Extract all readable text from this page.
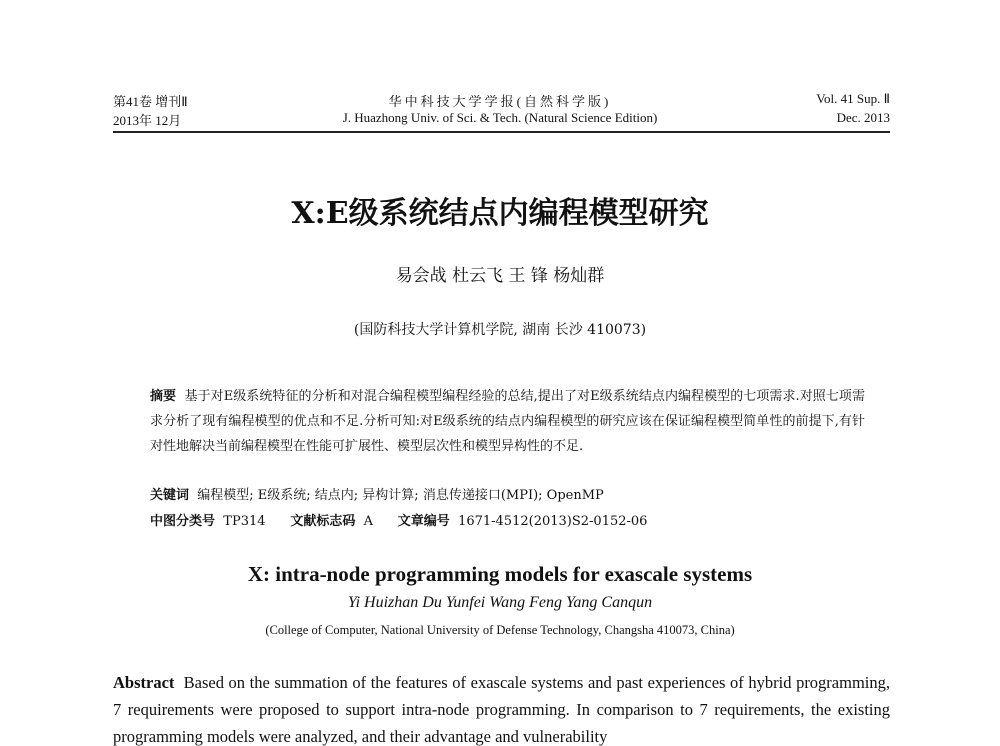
第41卷 增刊Ⅱ
2013年 12月
华中科技大学学报(自然科学版)
J. Huazhong Univ. of Sci. & Tech. (Natural Science Edition)
Vol. 41 Sup. Ⅱ
Dec. 2013
X:E级系统结点内编程模型研究
易会战 杜云飞 王 锋 杨灿群
(国防科技大学计算机学院, 湖南 长沙 410073)
摘要 基于对E级系统特征的分析和对混合编程模型编程经验的总结,提出了对E级系统结点内编程模型的七项需求.对照七项需求分析了现有编程模型的优点和不足.分析可知:对E级系统的结点内编程模型的研究应该在保证编程模型简单性的前提下,有针对性地解决当前编程模型在性能可扩展性、模型层次性和模型异构性的不足.
关键词 编程模型; E级系统; 结点内; 异构计算; 消息传递接口(MPI); OpenMP
中图分类号 TP314 文献标志码 A 文章编号 1671-4512(2013)S2-0152-06
X: intra-node programming models for exascale systems
Yi Huizhan Du Yunfei Wang Feng Yang Canqun
(College of Computer, National University of Defense Technology, Changsha 410073, China)
Abstract Based on the summation of the features of exascale systems and past experiences of hybrid programming, 7 requirements were proposed to support intra-node programming. In comparison to 7 requirements, the existing programming models were analyzed, and their advantage and vulnerability
